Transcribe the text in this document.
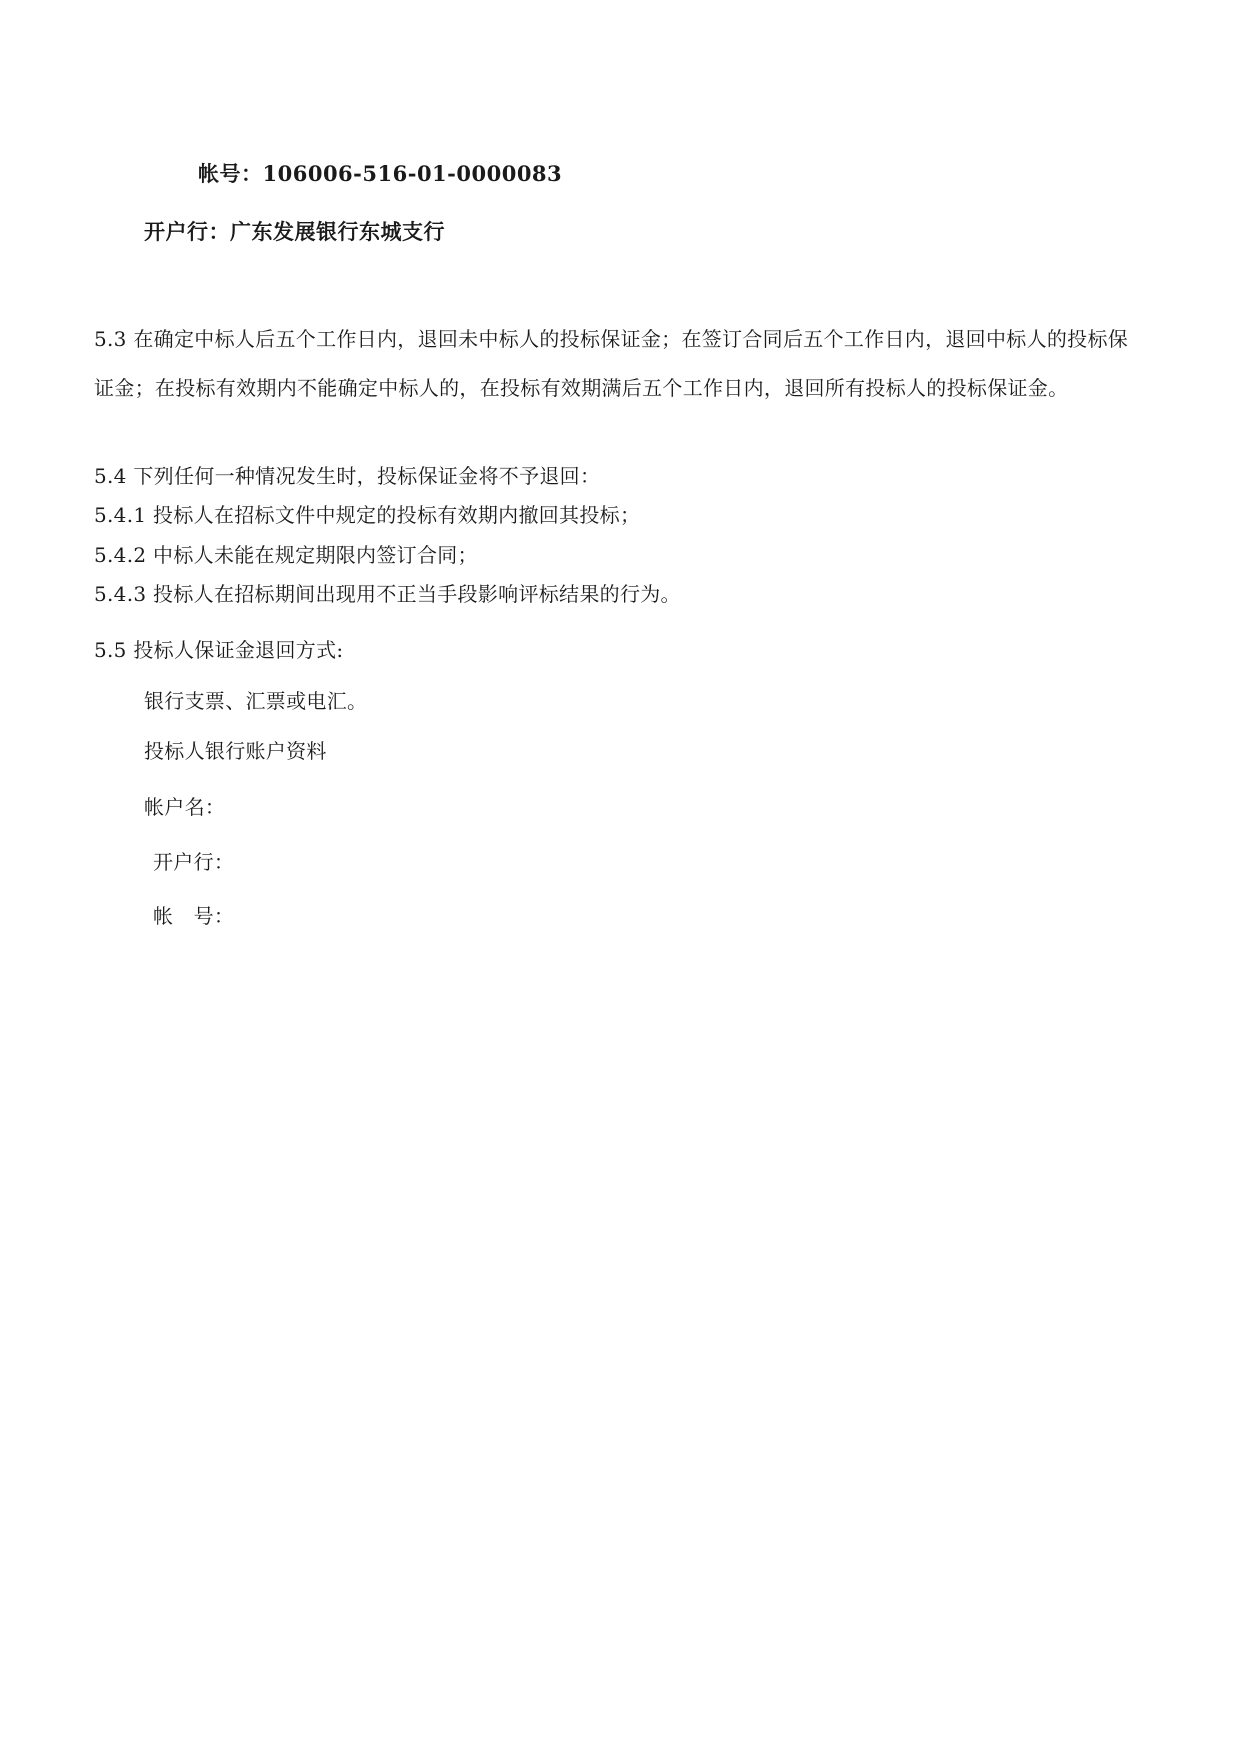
帐号：106006-516-01-0000083
开户行：广东发展银行东城支行
5.3 在确定中标人后五个工作日内，退回未中标人的投标保证金；在签订合同后五个工作日内，退回中标人的投标保证金；在投标有效期内不能确定中标人的，在投标有效期满后五个工作日内，退回所有投标人的投标保证金。
5.4 下列任何一种情况发生时，投标保证金将不予退回：
5.4.1 投标人在招标文件中规定的投标有效期内撤回其投标；
5.4.2 中标人未能在规定期限内签订合同；
5.4.3 投标人在招标期间出现用不正当手段影响评标结果的行为。
5.5 投标人保证金退回方式:
银行支票、汇票或电汇。
投标人银行账户资料
帐户名：
开户行：
帐　号：
